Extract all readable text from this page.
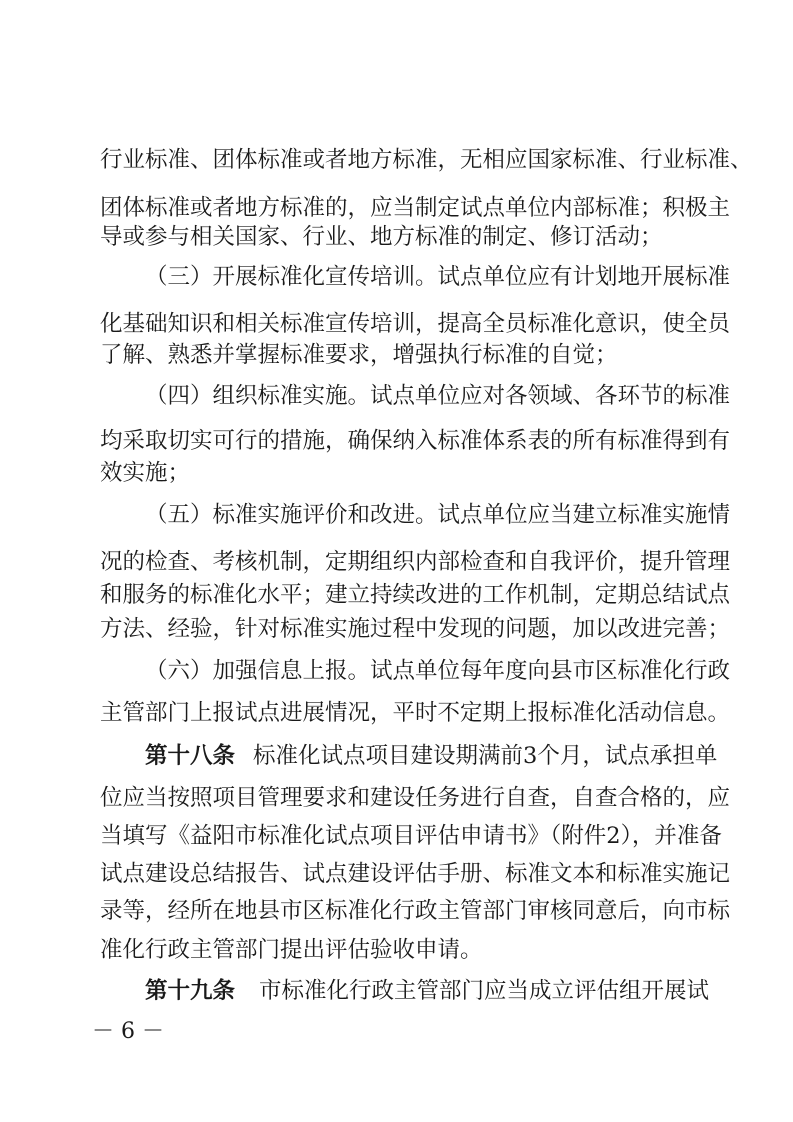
行业标准、团体标准或者地方标准，无相应国家标准、行业标准、
团体标准或者地方标准的，应当制定试点单位内部标准；积极主
导或参与相关国家、行业、地方标准的制定、修订活动；
（三）开展标准化宣传培训。试点单位应有计划地开展标准
化基础知识和相关标准宣传培训，提高全员标准化意识，使全员
了解、熟悉并掌握标准要求，增强执行标准的自觉；
（四）组织标准实施。试点单位应对各领域、各环节的标准
均采取切实可行的措施，确保纳入标准体系表的所有标准得到有
效实施；
（五）标准实施评价和改进。试点单位应当建立标准实施情
况的检查、考核机制，定期组织内部检查和自我评价，提升管理
和服务的标准化水平；建立持续改进的工作机制，定期总结试点
方法、经验，针对标准实施过程中发现的问题，加以改进完善；
（六）加强信息上报。试点单位每年度向县市区标准化行政
主管部门上报试点进展情况，平时不定期上报标准化活动信息。
第十八条 标准化试点项目建设期满前3个月，试点承担单
位应当按照项目管理要求和建设任务进行自查，自查合格的，应
当填写《益阳市标准化试点项目评估申请书》（附件2），并准备
试点建设总结报告、试点建设评估手册、标准文本和标准实施记
录等，经所在地县市区标准化行政主管部门审核同意后，向市标
准化行政主管部门提出评估验收申请。
第十九条 市标准化行政主管部门应当成立评估组开展试
－ 6 －
